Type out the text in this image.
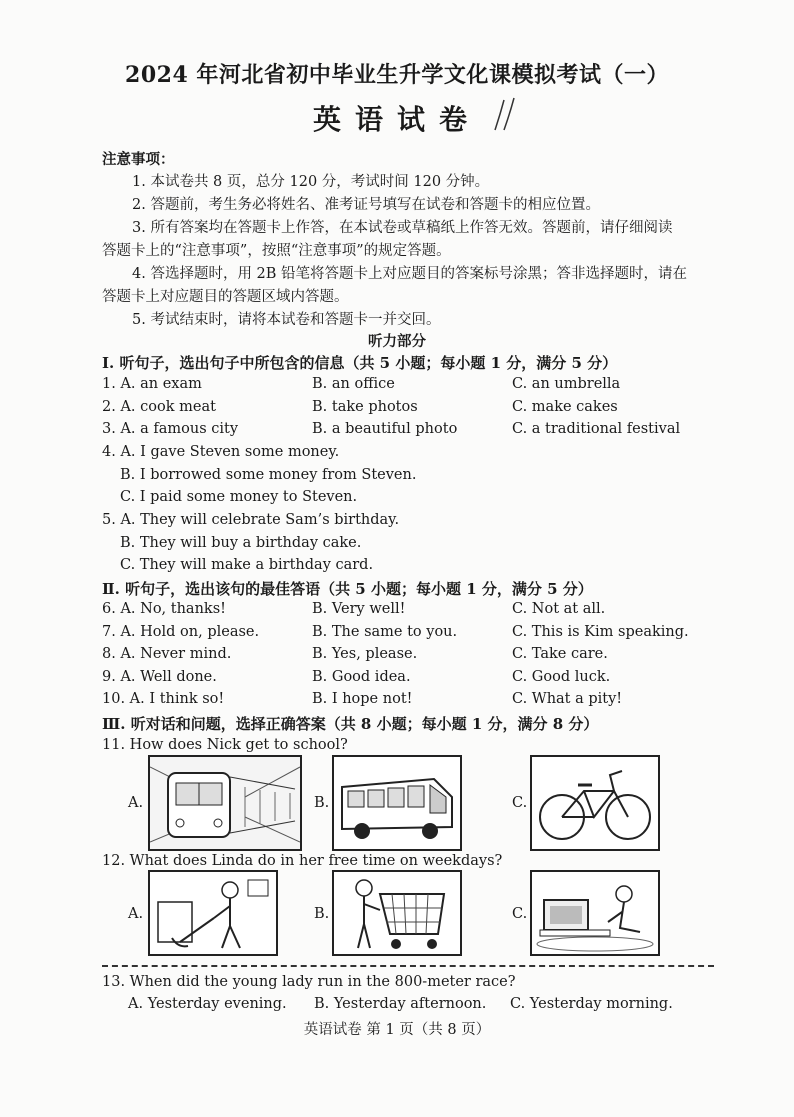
2024 年河北省初中毕业生升学文化课模拟考试（一）
英语试卷
注意事项：
1. 本试卷共 8 页，总分 120 分，考试时间 120 分钟。
2. 答题前，考生务必将姓名、准考证号填写在试卷和答题卡的相应位置。
3. 所有答案均在答题卡上作答，在本试卷或草稿纸上作答无效。答题前，请仔细阅读
答题卡上的“注意事项”，按照“注意事项”的规定答题。
4. 答选择题时，用 2B 铅笔将答题卡上对应题目的答案标号涂黑；答非选择题时，请在
答题卡上对应题目的答题区域内答题。
5. 考试结束时，请将本试卷和答题卡一并交回。
听力部分
Ⅰ. 听句子，选出句子中所包含的信息（共 5 小题；每小题 1 分，满分 5 分）
1. A. an exam	B. an office	C. an umbrella
2. A. cook meat	B. take photos	C. make cakes
3. A. a famous city	B. a beautiful photo	C. a traditional festival
4. A. I gave Steven some money.
B. I borrowed some money from Steven.
C. I paid some money to Steven.
5. A. They will celebrate Sam’s birthday.
B. They will buy a birthday cake.
C. They will make a birthday card.
Ⅱ. 听句子，选出该句的最佳答语（共 5 小题；每小题 1 分，满分 5 分）
6. A. No, thanks!	B. Very well!	C. Not at all.
7. A. Hold on, please.	B. The same to you.	C. This is Kim speaking.
8. A. Never mind.	B. Yes, please.	C. Take care.
9. A. Well done.	B. Good idea.	C. Good luck.
10. A. I think so!	B. I hope not!	C. What a pity!
Ⅲ. 听对话和问题，选择正确答案（共 8 小题；每小题 1 分，满分 8 分）
11. How does Nick get to school?
A.	B.	C.
12. What does Linda do in her free time on weekdays?
A.	B.	C.
13. When did the young lady run in the 800-meter race?
A. Yesterday evening. B. Yesterday afternoon. C. Yesterday morning.
英语试卷 第 1 页（共 8 页）
